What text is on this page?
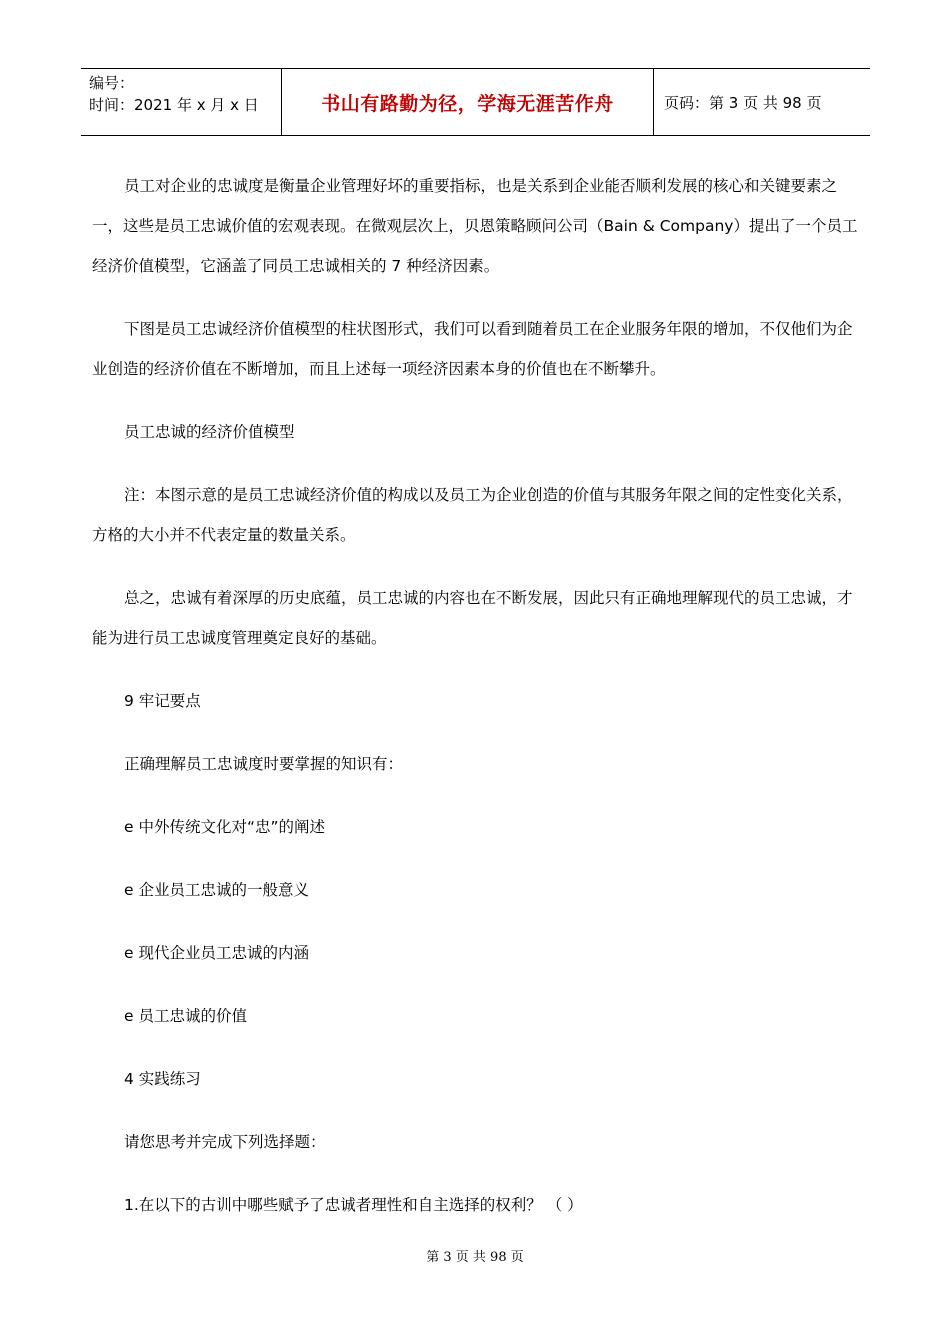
编号：
时间：2021 年 x 月 x 日	书山有路勤为径，学海无涯苦作舟	页码：第 3 页 共 98 页

员工对企业的忠诚度是衡量企业管理好坏的重要指标，也是关系到企业能否顺利发展的核心和关键要素之一，这些是员工忠诚价值的宏观表现。在微观层次上，贝恩策略顾问公司（Bain & Company）提出了一个员工经济价值模型，它涵盖了同员工忠诚相关的 7 种经济因素。

下图是员工忠诚经济价值模型的柱状图形式，我们可以看到随着员工在企业服务年限的增加，不仅他们为企业创造的经济价值在不断增加，而且上述每一项经济因素本身的价值也在不断攀升。

员工忠诚的经济价值模型

注：本图示意的是员工忠诚经济价值的构成以及员工为企业创造的价值与其服务年限之间的定性变化关系，方格的大小并不代表定量的数量关系。

总之，忠诚有着深厚的历史底蕴，员工忠诚的内容也在不断发展，因此只有正确地理解现代的员工忠诚，才能为进行员工忠诚度管理奠定良好的基础。

9 牢记要点
正确理解员工忠诚度时要掌握的知识有：
e 中外传统文化对“忠”的阐述
e 企业员工忠诚的一般意义
e 现代企业员工忠诚的内涵
e 员工忠诚的价值
4 实践练习
请您思考并完成下列选择题：
1.在以下的古训中哪些赋予了忠诚者理性和自主选择的权利？ （ ）
第 3 页 共 98 页
